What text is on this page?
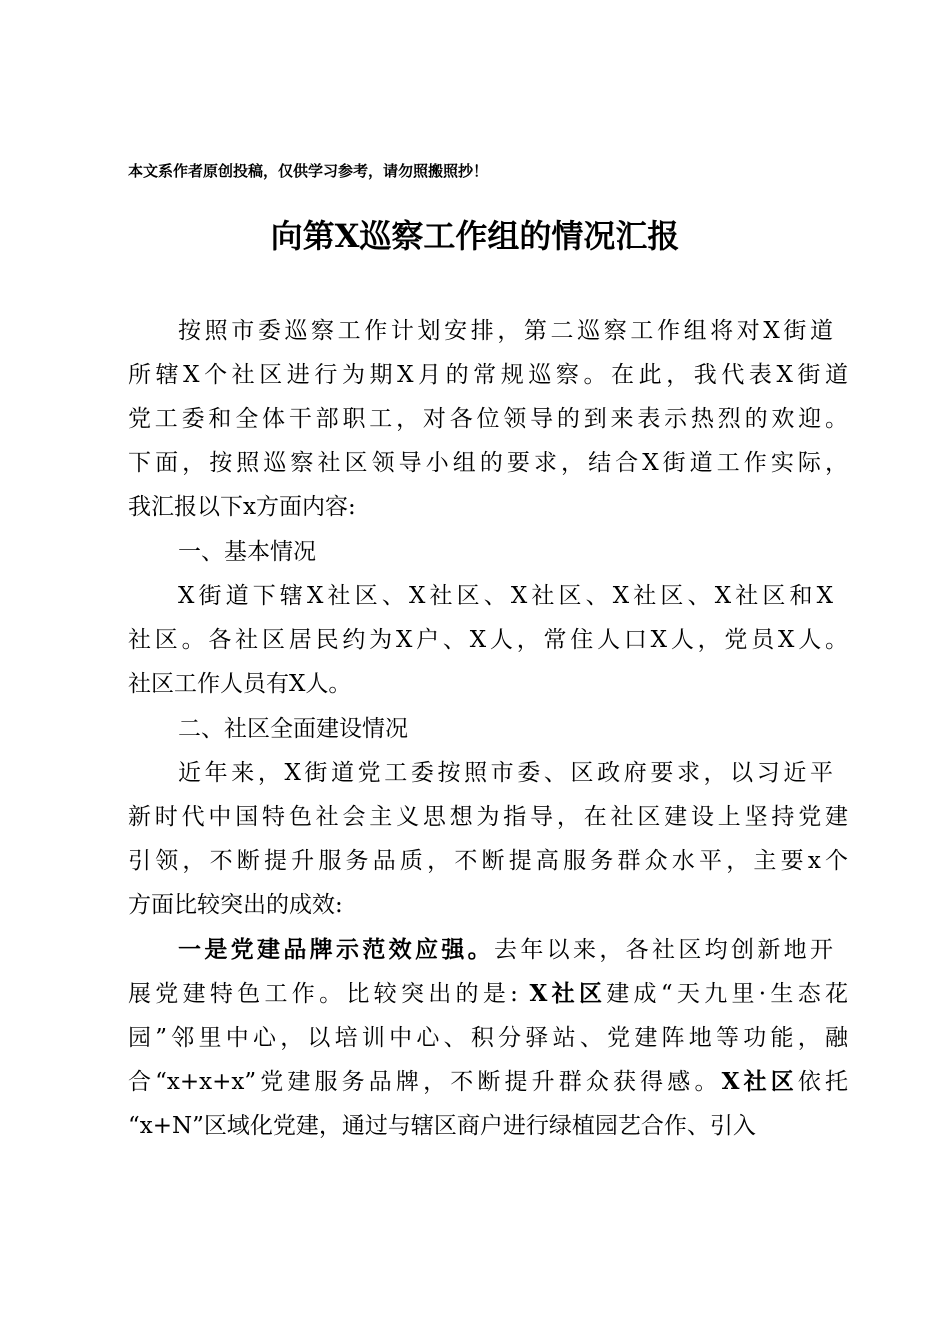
本文系作者原创投稿，仅供学习参考，请勿照搬照抄！
向第X巡察工作组的情况汇报
按照市委巡察工作计划安排，第二巡察工作组将对X街道
所辖X个社区进行为期X月的常规巡察。在此，我代表X街道
党工委和全体干部职工，对各位领导的到来表示热烈的欢迎。
下面，按照巡察社区领导小组的要求，结合X街道工作实际，
我汇报以下x方面内容:
一、基本情况
X街道下辖X社区、X社区、X社区、X社区、X社区和X
社区。各社区居民约为X户、X人，常住人口X人，党员X人。
社区工作人员有X人。
二、社区全面建设情况
近年来，X街道党工委按照市委、区政府要求，以习近平
新时代中国特色社会主义思想为指导，在社区建设上坚持党建
引领，不断提升服务品质，不断提高服务群众水平，主要x个
方面比较突出的成效:
一是党建品牌示范效应强。去年以来，各社区均创新地开
展党建特色工作。比较突出的是: X社区建成“天九里·生态花
园”邻里中心，以培训中心、积分驿站、党建阵地等功能，融
合“x+x+x”党建服务品牌，不断提升群众获得感。X社区依托
“x+N”区域化党建，通过与辖区商户进行绿植园艺合作、引入
